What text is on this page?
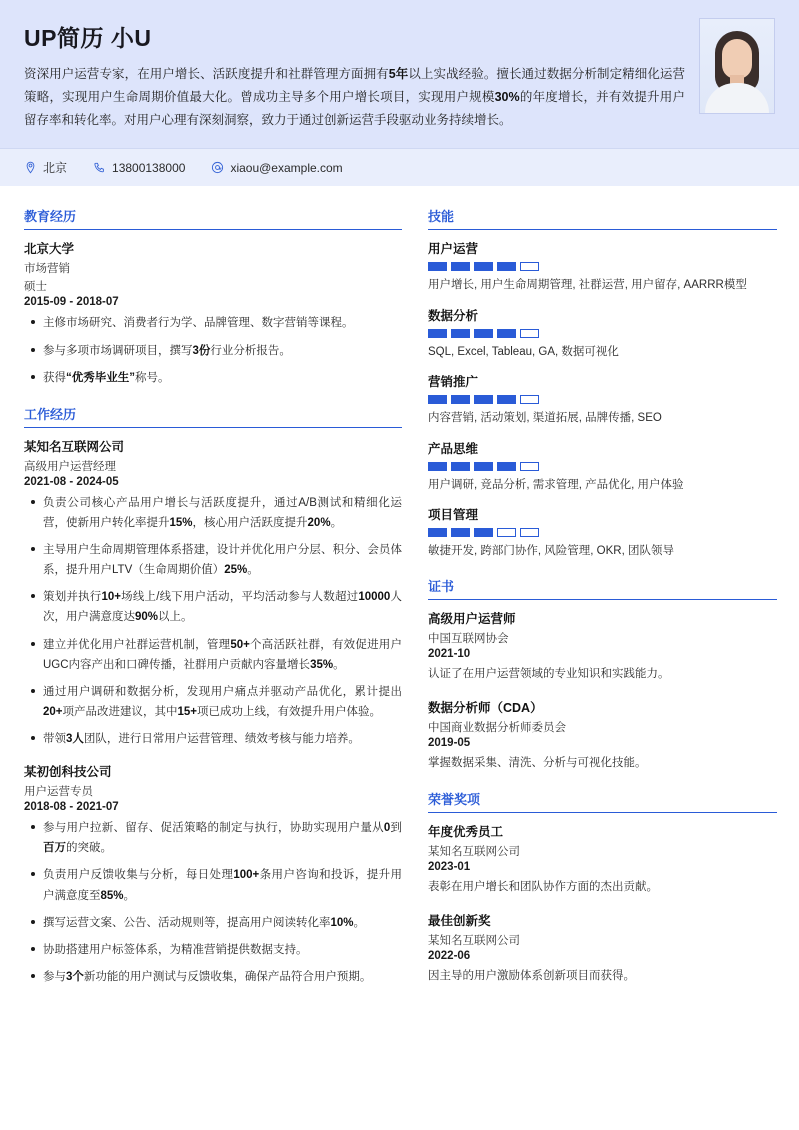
UP简历 小U
资深用户运营专家，在用户增长、活跃度提升和社群管理方面拥有5年以上实战经验。擅长通过数据分析制定精细化运营策略，实现用户生命周期价值最大化。曾成功主导多个用户增长项目，实现用户规模30%的年度增长，并有效提升用户留存率和转化率。对用户心理有深刻洞察，致力于通过创新运营手段驱动业务持续增长。
北京	13800138000	xiaou@example.com
教育经历
北京大学
市场营销
硕士
2015-09 - 2018-07
主修市场研究、消费者行为学、品牌管理、数字营销等课程。
参与多项市场调研项目，撰写3份行业分析报告。
获得“优秀毕业生”称号。
工作经历
某知名互联网公司
高级用户运营经理
2021-08 - 2024-05
负责公司核心产品用户增长与活跃度提升，通过A/B测试和精细化运营，使新用户转化率提升15%，核心用户活跃度提升20%。
主导用户生命周期管理体系搭建，设计并优化用户分层、积分、会员体系，提升用户LTV（生命周期价值）25%。
策划并执行10+场线上/线下用户活动，平均活动参与人数超过10000人次，用户满意度达90%以上。
建立并优化用户社群运营机制，管理50+个高活跃社群，有效促进用户UGC内容产出和口碑传播，社群用户贡献内容量增长35%。
通过用户调研和数据分析，发现用户痛点并驱动产品优化，累计提出20+项产品改进建议，其中15+项已成功上线，有效提升用户体验。
带领3人团队，进行日常用户运营管理、绩效考核与能力培养。
某初创科技公司
用户运营专员
2018-08 - 2021-07
参与用户拉新、留存、促活策略的制定与执行，协助实现用户量从0到百万的突破。
负责用户反馈收集与分析，每日处理100+条用户咨询和投诉，提升用户满意度至85%。
撰写运营文案、公告、活动规则等，提高用户阅读转化率10%。
协助搭建用户标签体系，为精准营销提供数据支持。
参与3个新功能的用户测试与反馈收集，确保产品符合用户预期。
技能
用户运营
用户增长, 用户生命周期管理, 社群运营, 用户留存, AARRR模型
数据分析
SQL, Excel, Tableau, GA, 数据可视化
营销推广
内容营销, 活动策划, 渠道拓展, 品牌传播, SEO
产品思维
用户调研, 竞品分析, 需求管理, 产品优化, 用户体验
项目管理
敏捷开发, 跨部门协作, 风险管理, OKR, 团队领导
证书
高级用户运营师
中国互联网协会
2021-10
认证了在用户运营领域的专业知识和实践能力。
数据分析师（CDA）
中国商业数据分析师委员会
2019-05
掌握数据采集、清洗、分析与可视化技能。
荣誉奖项
年度优秀员工
某知名互联网公司
2023-01
表彰在用户增长和团队协作方面的杰出贡献。
最佳创新奖
某知名互联网公司
2022-06
因主导的用户激励体系创新项目而获得。
